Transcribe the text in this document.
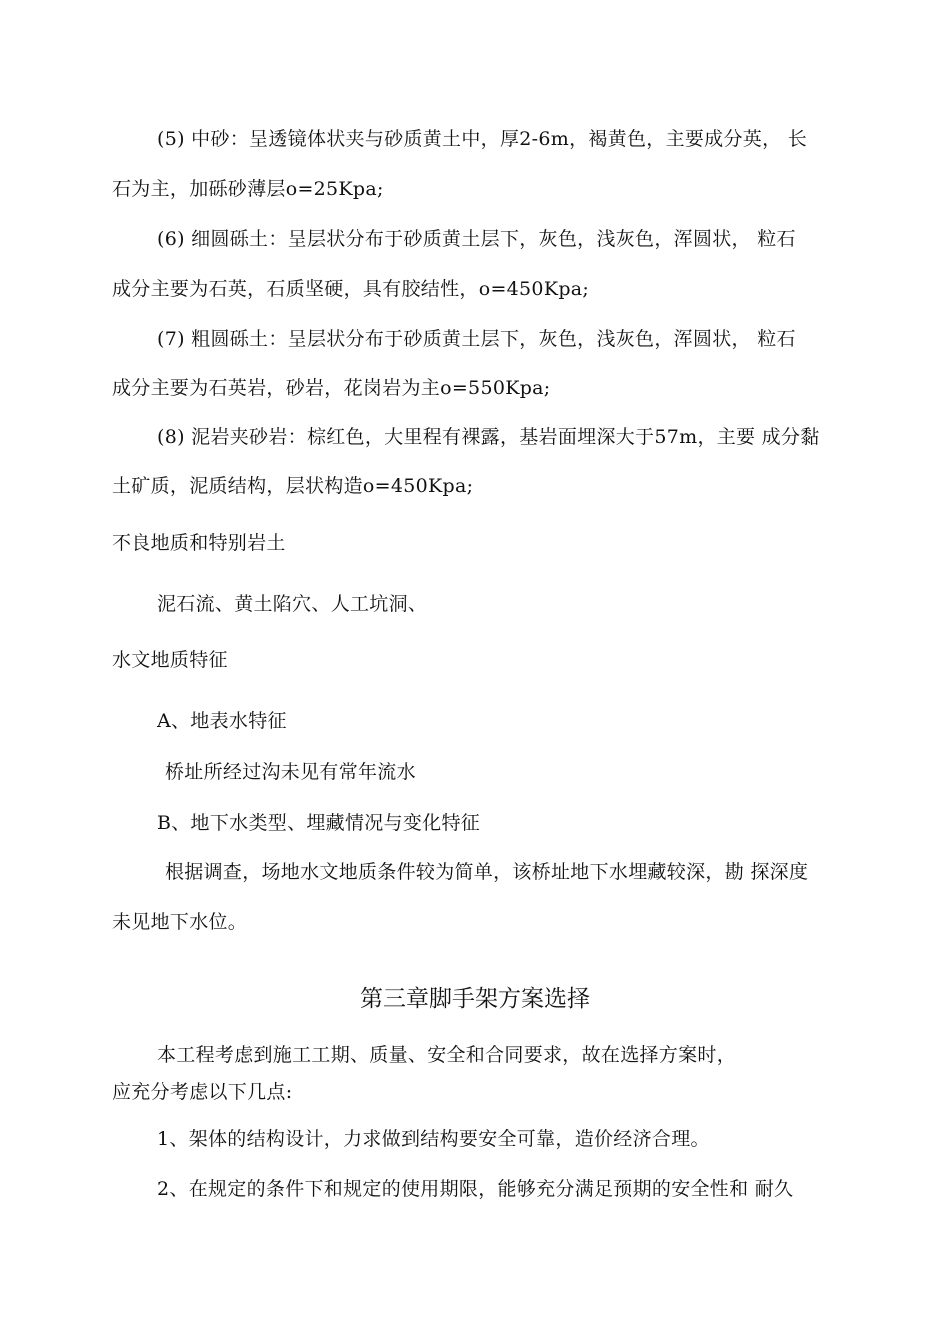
(5) 中砂：呈透镜体状夹与砂质黄土中，厚2-6m，褐黄色，主要成分英， 长
石为主，加砾砂薄层o=25Kpa;
(6) 细圆砾土：呈层状分布于砂质黄土层下，灰色，浅灰色，浑圆状， 粒石
成分主要为石英，石质坚硬，具有胶结性，o=450Kpa;
(7) 粗圆砾土：呈层状分布于砂质黄土层下，灰色，浅灰色，浑圆状， 粒石
成分主要为石英岩，砂岩，花岗岩为主o=550Kpa;
(8) 泥岩夹砂岩：棕红色，大里程有裸露，基岩面埋深大于57m，主要 成分黏
土矿质，泥质结构，层状构造o=450Kpa;
不良地质和特别岩土
泥石流、黄土陷穴、人工坑洞、
水文地质特征
A、地表水特征
桥址所经过沟未见有常年流水
B、地下水类型、埋藏情况与变化特征
根据调查，场地水文地质条件较为简单，该桥址地下水埋藏较深，勘 探深度
未见地下水位。
第三章脚手架方案选择
本工程考虑到施工工期、质量、安全和合同要求，故在选择方案时，
应充分考虑以下几点:
1、架体的结构设计，力求做到结构要安全可靠，造价经济合理。
2、在规定的条件下和规定的使用期限，能够充分满足预期的安全性和 耐久
